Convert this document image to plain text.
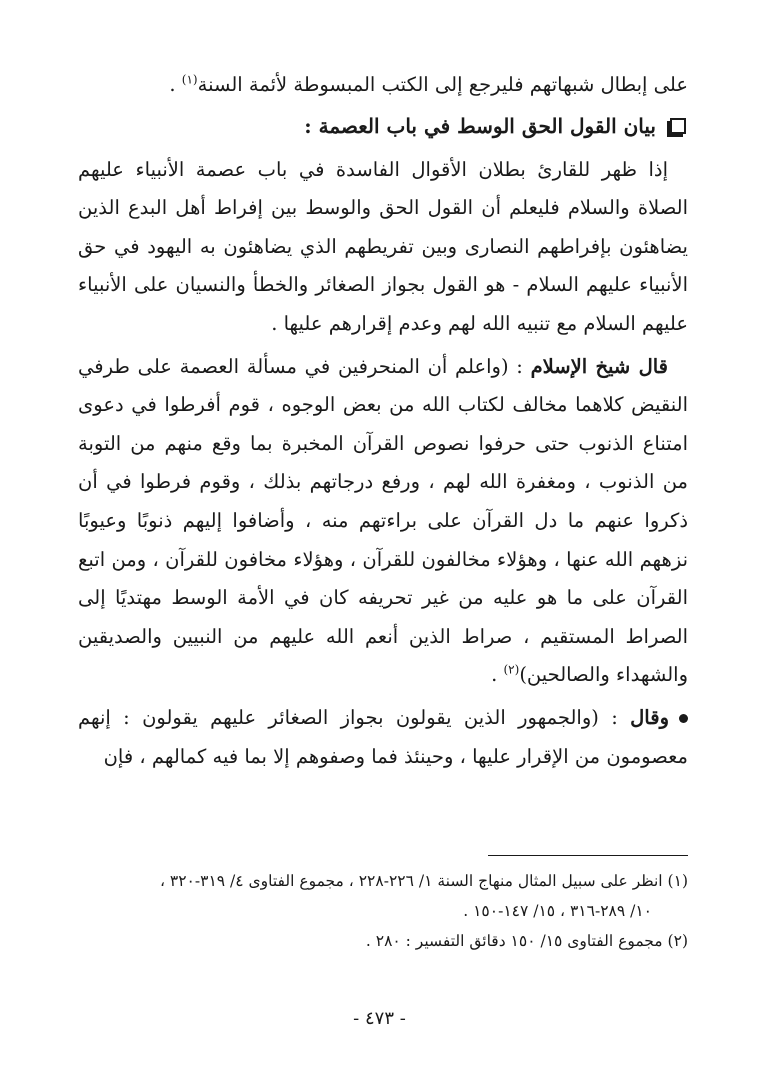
على إبطال شبهاتهم فليرجع إلى الكتب المبسوطة لأئمة السنة$^{(١)}$ .

بيان القول الحق الوسط في باب العصمة :

إذا ظهر للقارئ بطلان الأقوال الفاسدة في باب عصمة الأنبياء عليهم الصلاة والسلام فليعلم أن القول الحق والوسط بين إفراط أهل البدع الذين يضاهئون بإفراطهم النصارى وبين تفريطهم الذي يضاهئون به اليهود في حق الأنبياء عليهم السلام - هو القول بجواز الصغائر والخطأ والنسيان على الأنبياء عليهم السلام مع تنبيه الله لهم وعدم إقرارهم عليها .

قال شيخ الإسلام : (واعلم أن المنحرفين في مسألة العصمة على طرفي النقيض كلاهما مخالف لكتاب الله من بعض الوجوه ، قوم أفرطوا في دعوى امتناع الذنوب حتى حرفوا نصوص القرآن المخبرة بما وقع منهم من التوبة من الذنوب ، ومغفرة الله لهم ، ورفع درجاتهم بذلك ، وقوم فرطوا في أن ذكروا عنهم ما دل القرآن على براءتهم منه ، وأضافوا إليهم ذنوبًا وعيوبًا نزههم الله عنها ، وهؤلاء مخالفون للقرآن ، وهؤلاء مخافون للقرآن ، ومن اتبع القرآن على ما هو عليه من غير تحريفه كان في الأمة الوسط مهتديًا إلى الصراط المستقيم ، صراط الذين أنعم الله عليهم من النبيين والصديقين والشهداء والصالحين)$^{(٢)}$ .

وقال : (والجمهور الذين يقولون بجواز الصغائر عليهم يقولون : إنهم معصومون من الإقرار عليها ، وحينئذ فما وصفوهم إلا بما فيه كمالهم ، فإن

(١) انظر على سبيل المثال منهاج السنة ١/ ٢٢٦-٢٢٨ ، مجموع الفتاوى ٤/ ٣١٩-٣٢٠ ،

١٠/ ٢٨٩-٣١٦ ، ١٥/ ١٤٧-١٥٠ .

(٢) مجموع الفتاوى ١٥/ ١٥٠ دقائق التفسير : ٢٨٠ .

- ٤٧٣ -
